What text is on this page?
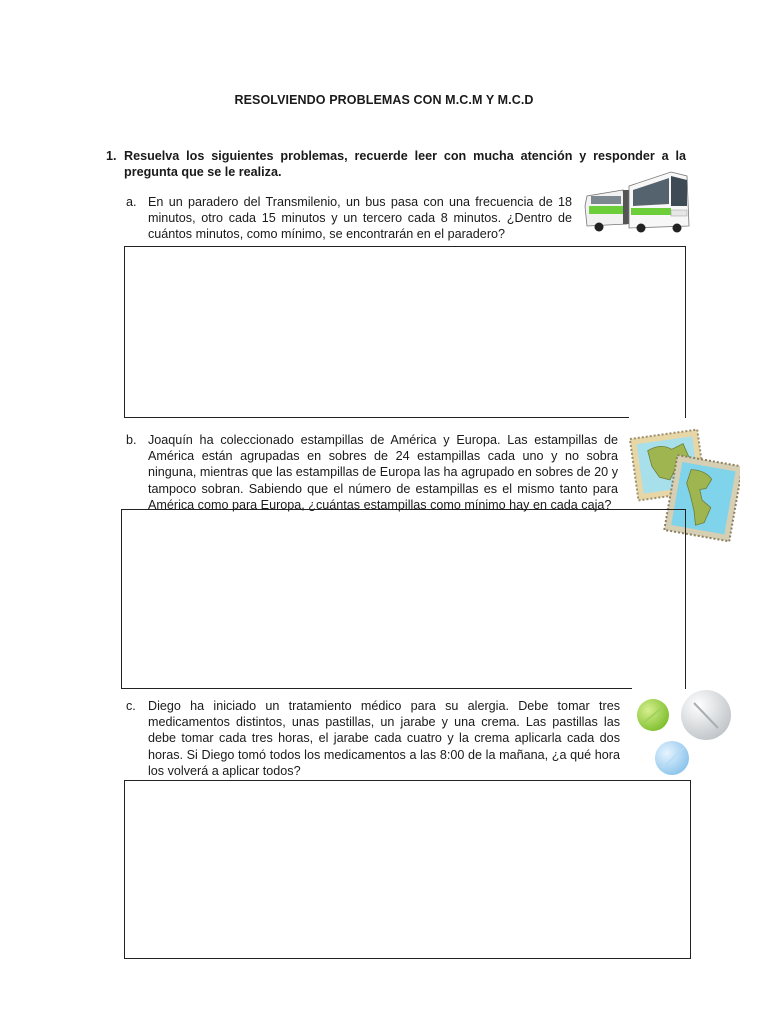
RESOLVIENDO PROBLEMAS CON M.C.M Y M.C.D
1. Resuelva los siguientes problemas, recuerde leer con mucha atención y responder a la pregunta que se le realiza.
a. En un paradero del Transmilenio, un bus pasa con una frecuencia de 18 minutos, otro cada 15 minutos y un tercero cada 8 minutos. ¿Dentro de cuántos minutos, como mínimo, se encontrarán en el paradero?
b. Joaquín ha coleccionado estampillas de América y Europa. Las estampillas de América están agrupadas en sobres de 24 estampillas cada uno y no sobra ninguna, mientras que las estampillas de Europa las ha agrupado en sobres de 20 y tampoco sobran. Sabiendo que el número de estampillas es el mismo tanto para América como para Europa, ¿cuántas estampillas como mínimo hay en cada caja?
c. Diego ha iniciado un tratamiento médico para su alergia. Debe tomar tres medicamentos distintos, unas pastillas, un jarabe y una crema. Las pastillas las debe tomar cada tres horas, el jarabe cada cuatro y la crema aplicarla cada dos horas. Si Diego tomó todos los medicamentos a las 8:00 de la mañana, ¿a qué hora los volverá a aplicar todos?
